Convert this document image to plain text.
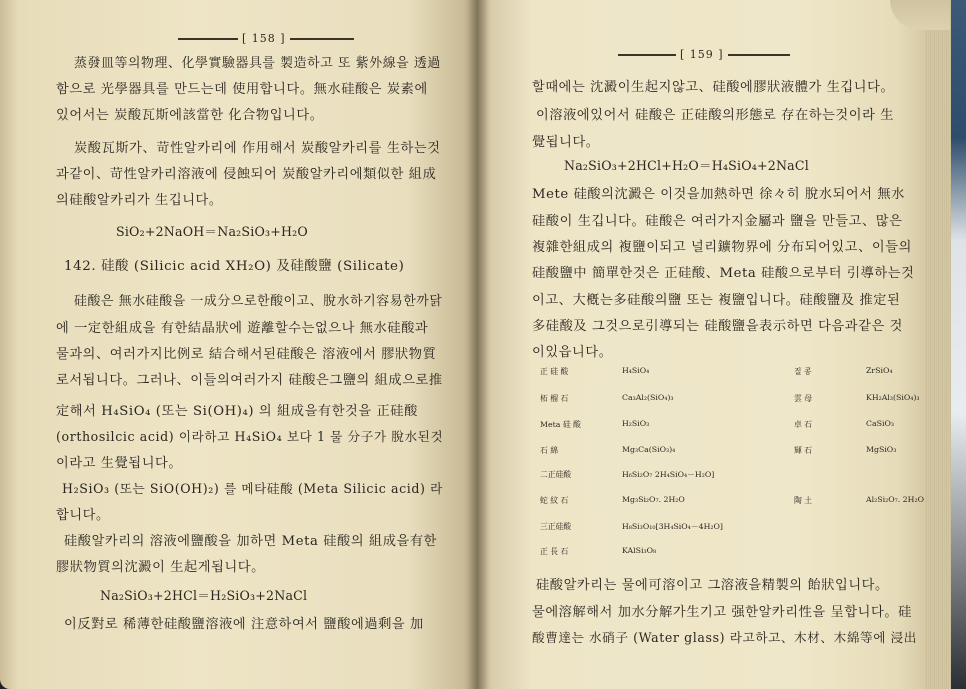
[ 158 ]
蒸發皿等의物理、化學實驗器具를 製造하고 또 紫外線을 透過
함으로 光學器具를 만드는데 使用합니다。無水硅酸은 炭素에
있어서는 炭酸瓦斯에該當한 化合物입니다。
炭酸瓦斯가、苛性알카리에 作用해서 炭酸알카리를 生하는것
과같이、苛性알카리溶液에 侵蝕되어 炭酸알카리에類似한 組成
의硅酸알카리가 生깁니다。
SiO₂+2NaOH＝Na₂SiO₃+H₂O
142. 硅酸 (Silicic acid XH₂O) 及硅酸鹽 (Silicate)
硅酸은 無水硅酸을 一成分으로한酸이고、脫水하기容易한까닭
에 一定한組成을 有한結晶狀에 遊離할수는없으나 無水硅酸과
물과의、여러가지比例로 結合해서된硅酸은 溶液에서 膠狀物質
로서됩니다。그러나、이들의여러가지 硅酸은그鹽의 組成으로推
定해서 H₄SiO₄ (또는 Si(OH)₄) 의 組成을有한것을 正硅酸
(orthosilcic acid) 이라하고 H₄SiO₄ 보다 1 물 分子가 脫水된것
이라고 生覺됩니다。
H₂SiO₃ (또는 SiO(OH)₂) 를 메타硅酸 (Meta Silicic acid) 라
합니다。
硅酸알카리의 溶液에鹽酸을 加하면 Meta 硅酸의 組成을有한
膠狀物質의沈澱이 生起게됩니다。
Na₂SiO₃+2HCl＝H₂SiO₃+2NaCl
이反對로 稀薄한硅酸鹽溶液에 注意하여서 鹽酸에過剩을 加
[ 159 ]
할때에는 沈澱이生起지않고、硅酸에膠狀液體가 生깁니다。
이溶液에있어서 硅酸은 正硅酸의形態로 存在하는것이라 生
覺됩니다。
Na₂SiO₃+2HCl+H₂O＝H₄SiO₄+2NaCl
Mete 硅酸의沈澱은 이것을加熱하면 徐々히 脫水되어서 無水
硅酸이 生깁니다。硅酸은 여러가지金屬과 鹽을 만들고、많은
複雜한組成의 複鹽이되고 널리鑛物界에 分布되어있고、이들의
硅酸鹽中 簡單한것은 正硅酸、Meta 硅酸으로부터 引導하는것
이고、大槪는多硅酸의鹽 또는 複鹽입니다。硅酸鹽及 推定된
多硅酸及 그것으로引導되는 硅酸鹽을表示하면 다음과같은 것
이있읍니다。
正 硅 酸	H₄SiO₄	질 콩	ZrSiO₄
柘 榴 石	Ca₃Al₂(SiO₄)₃	雲 母	KH₂Al₃(SiO₄)₃
Meta 硅 酸	H₂SiO₃	卓 石	CaSiO₃
石 綿	Mg₃Ca(SiO₃)₄	輝 石	MgSiO₃
二正硅酸	H₆Si₂O₇ 2H₄SiO₄－H₂O]
蛇 紋 石	Mg₃Si₂O₇. 2H₂O	陶 土	Al₂Si₂O₇. 2H₂O
三正硅酸	H₈Si₃O₁₀[3H₄SiO₄－4H₂O]
正 長 石	KAlSi₃O₈
硅酸알카리는 물에可溶이고 그溶液을精製의 飴狀입니다。
물에溶解해서 加水分解가生기고 强한알카리性을 呈합니다。硅
酸曹達는 水硝子 (Water glass) 라고하고、木材、木綿等에 浸出
